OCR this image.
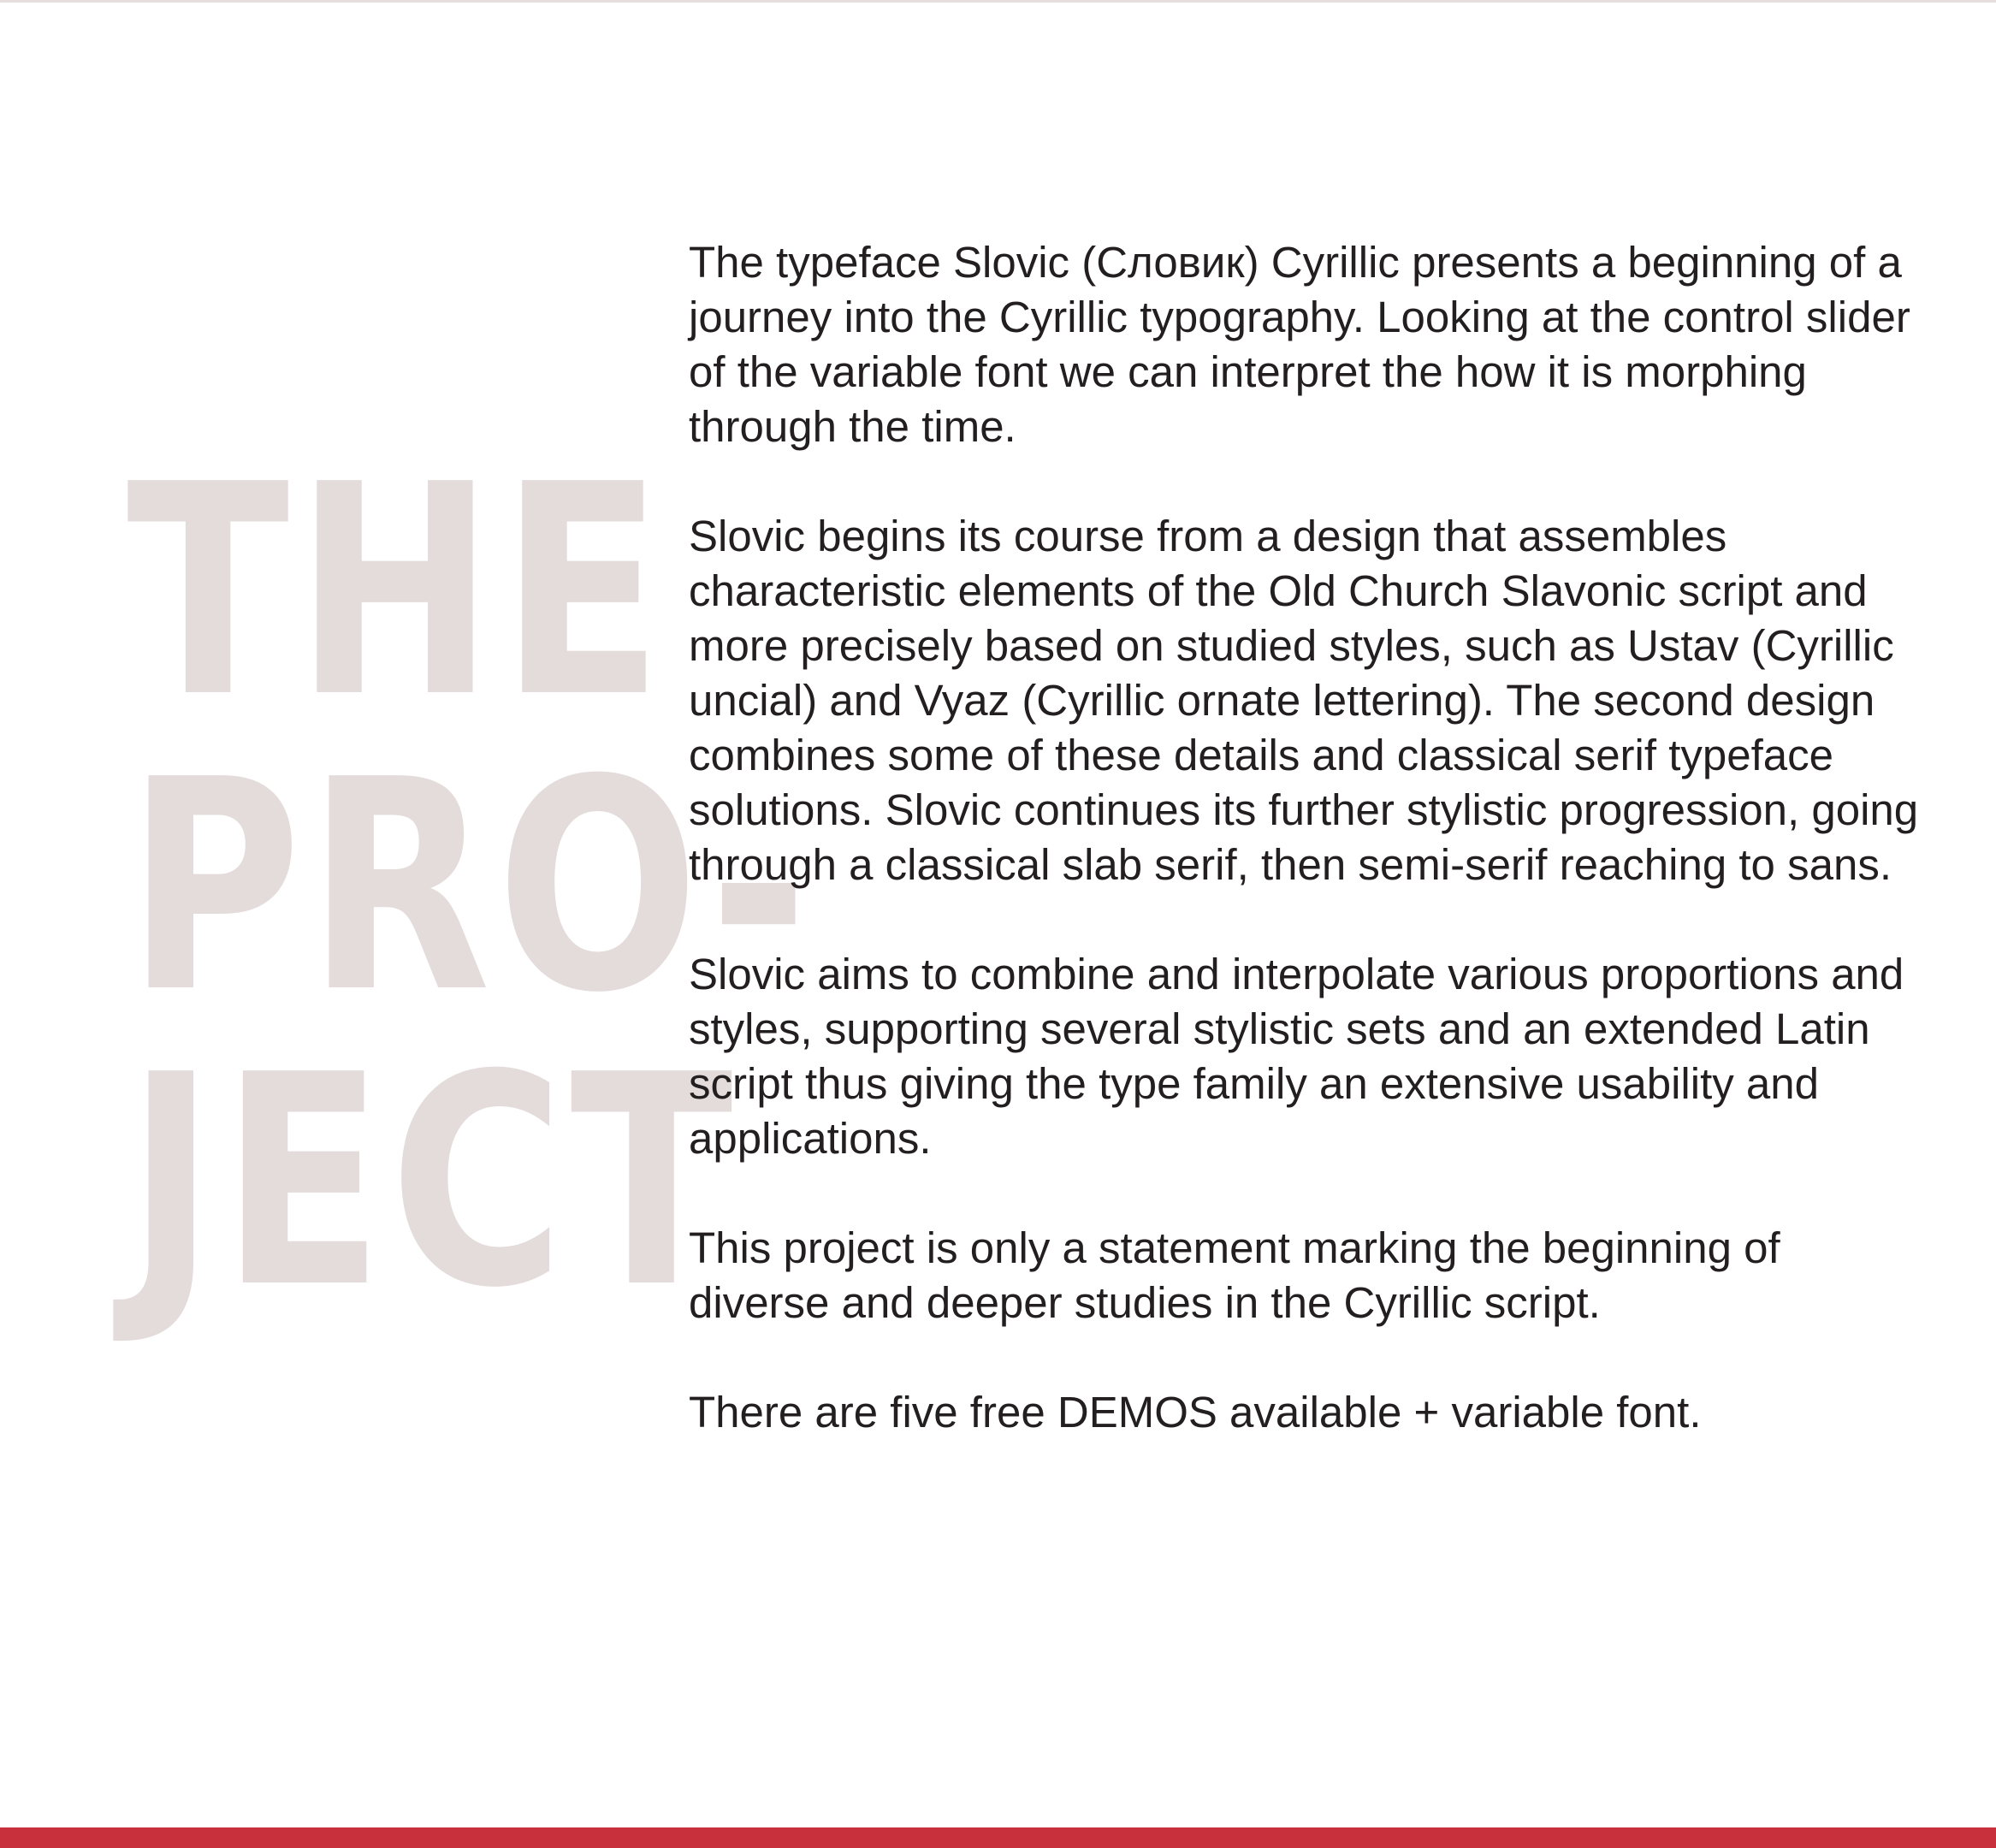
THE
PRO-
JECT

The typeface Slovic (Словик) Cyrillic presents a beginning of a journey into the Cyrillic typography. Looking at the control slider of the variable font we can interpret the how it is morphing through the time.

Slovic begins its course from a design that assembles characteristic elements of the Old Church Slavonic script and more precisely based on studied styles, such as Ustav (Cyrillic uncial) and Vyaz (Cyrillic ornate lettering). The second design combines some of these details and classical serif typeface solutions. Slovic continues its further stylistic progression, going through a classical slab serif, then semi-serif reaching to sans.

Slovic aims to combine and interpolate various proportions and styles, supporting several stylistic sets and an extended Latin script thus giving the type family an extensive usability and applications.

This project is only a statement marking the beginning of diverse and deeper studies in the Cyrillic script.

There are five free DEMOS available + variable font.
